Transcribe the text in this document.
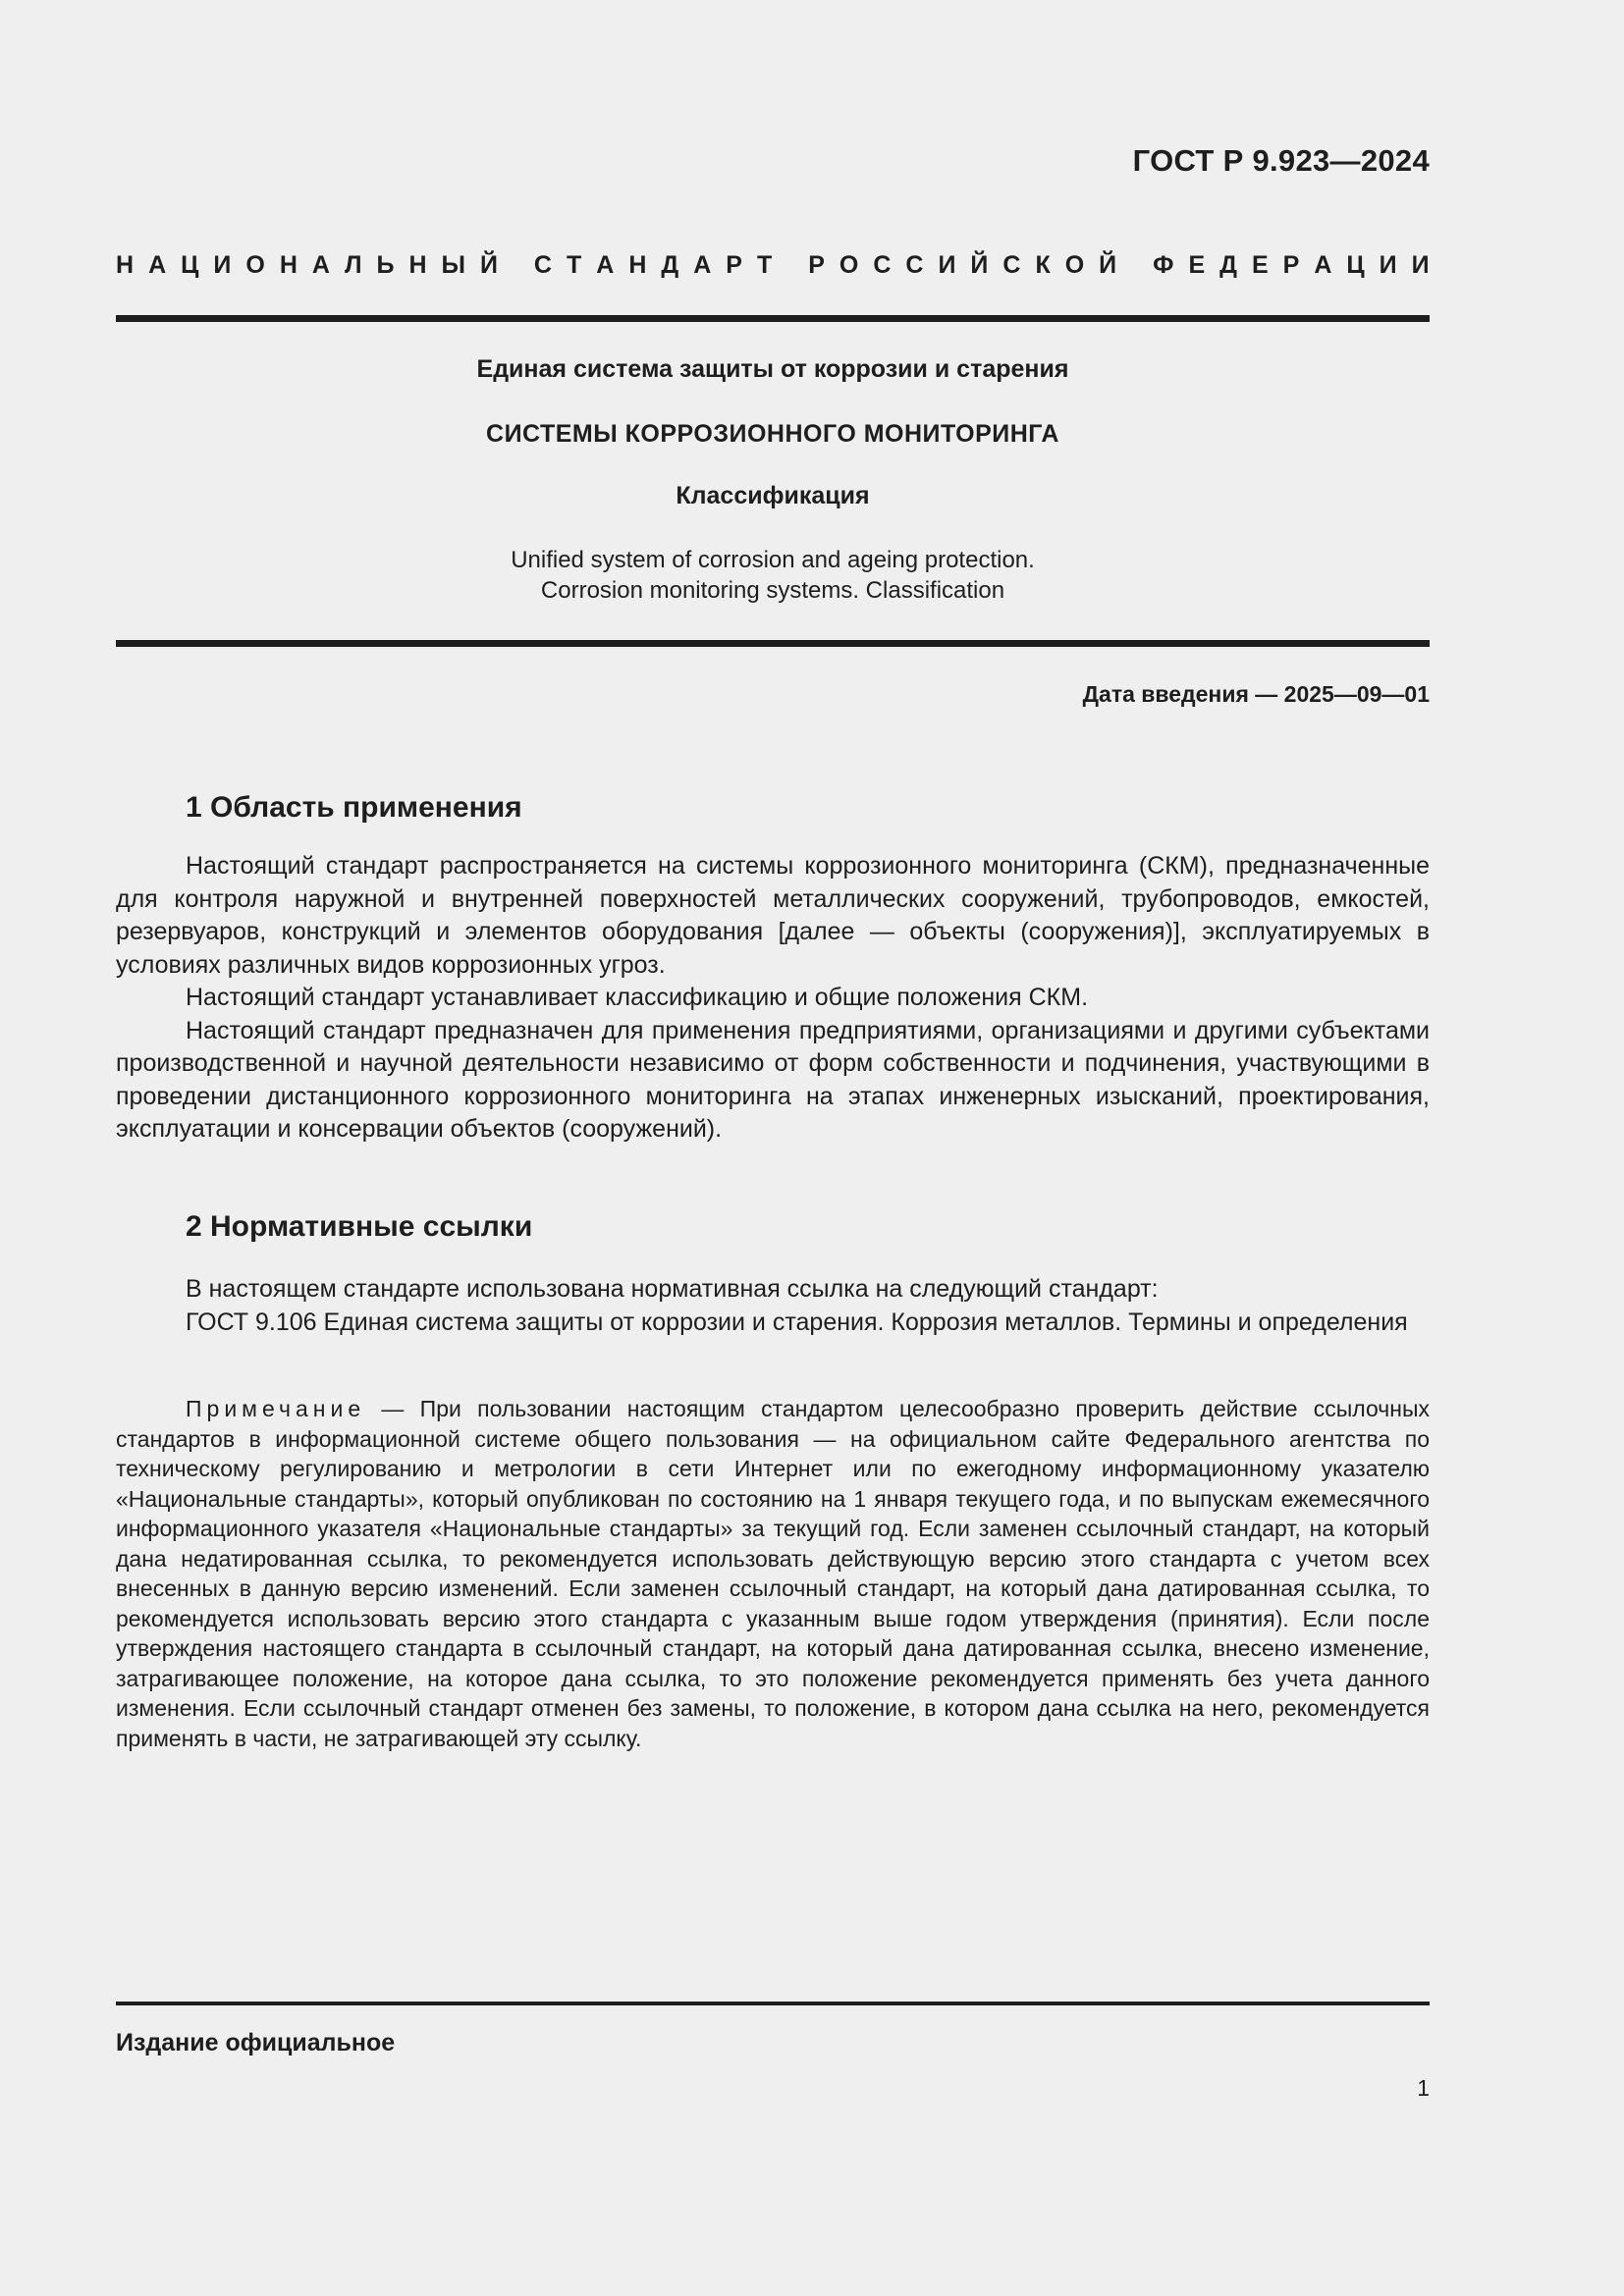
ГОСТ Р 9.923—2024
Н А Ц И О Н А Л Ь Н Ы Й
С Т А Н Д А Р Т
Р О С С И Й С К О Й
Ф Е Д Е Р А Ц И И
Единая система защиты от коррозии и старения
СИСТЕМЫ КОРРОЗИОННОГО МОНИТОРИНГА
Классификация
Unified system of corrosion and ageing protection.
Corrosion monitoring systems. Classification
Дата введения — 2025—09—01
1 Область применения

Настоящий стандарт распространяется на системы коррозионного мониторинга (СКМ), предназначенные для контроля наружной и внутренней поверхностей металлических сооружений, трубопроводов, емкостей, резервуаров, конструкций и элементов оборудования [далее — объекты (сооружения)], эксплуатируемых в условиях различных видов коррозионных угроз.

Настоящий стандарт устанавливает классификацию и общие положения СКМ.

Настоящий стандарт предназначен для применения предприятиями, организациями и другими субъектами производственной и научной деятельности независимо от форм собственности и подчинения, участвующими в проведении дистанционного коррозионного мониторинга на этапах инженерных изысканий, проектирования, эксплуатации и консервации объектов (сооружений).

2 Нормативные ссылки

В настоящем стандарте использована нормативная ссылка на следующий стандарт:

ГОСТ 9.106 Единая система защиты от коррозии и старения. Коррозия металлов. Термины и определения

Примечание — При пользовании настоящим стандартом целесообразно проверить действие ссылочных стандартов в информационной системе общего пользования — на официальном сайте Федерального агентства по техническому регулированию и метрологии в сети Интернет или по ежегодному информационному указателю «Национальные стандарты», который опубликован по состоянию на 1 января текущего года, и по выпускам ежемесячного информационного указателя «Национальные стандарты» за текущий год. Если заменен ссылочный стандарт, на который дана недатированная ссылка, то рекомендуется использовать действующую версию этого стандарта с учетом всех внесенных в данную версию изменений. Если заменен ссылочный стандарт, на который дана датированная ссылка, то рекомендуется использовать версию этого стандарта с указанным выше годом утверждения (принятия). Если после утверждения настоящего стандарта в ссылочный стандарт, на который дана датированная ссылка, внесено изменение, затрагивающее положение, на которое дана ссылка, то это положение рекомендуется применять без учета данного изменения. Если ссылочный стандарт отменен без замены, то положение, в котором дана ссылка на него, рекомендуется применять в части, не затрагивающей эту ссылку.

Издание официальное
1
